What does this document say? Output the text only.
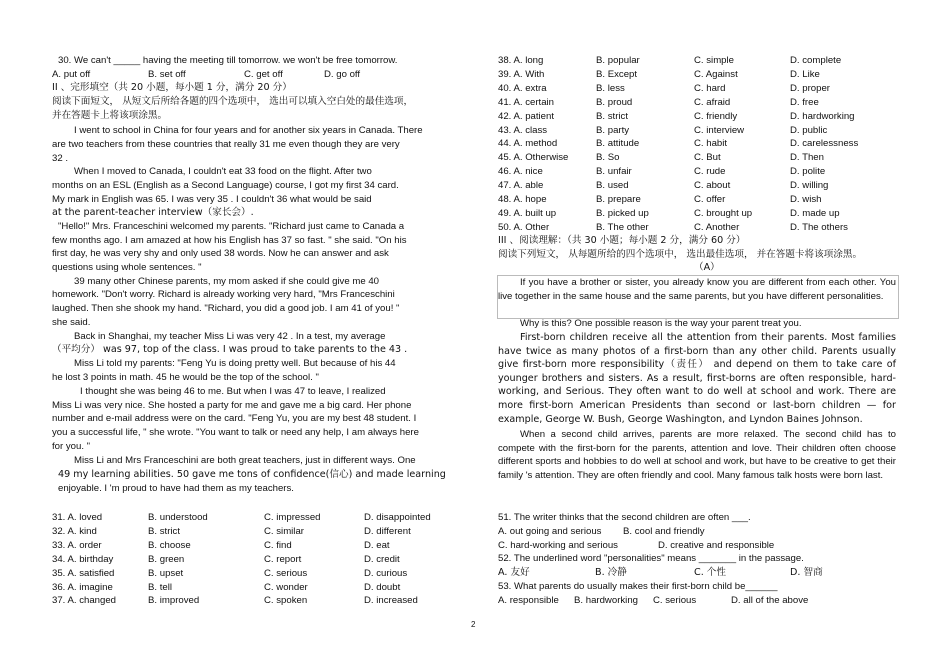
30. We can't _____ having the meeting till tomorrow. we won't be free tomorrow.
A. put off	B. set off	C. get off	D. go off
II 、完形填空（共 20 小题，每小题 1 分，满分 20 分）
阅读下面短文， 从短文后所给各题的四个选项中， 选出可以填入空白处的最佳选项，
并在答题卡上将该项涂黑。
I went to school in China for four years and for another six years in Canada. There
are two teachers from these countries that really 31 me even though they are very
32 .
When I moved to Canada, I couldn't eat 33 food on the flight. After two
months on an ESL (English as a Second Language) course, I got my first 34 card.
My mark in English was 65. I was very 35 . I couldn't 36 what would be said
at the parent-teacher interview（家长会）.
"Hello!" Mrs. Franceschini welcomed my parents. "Richard just came to Canada a
few months ago. I am amazed at how his English has 37 so fast. " she said. "On his
first day, he was very shy and only used 38 words. Now he can answer and ask
questions using whole sentences. "
39 many other Chinese parents, my mom asked if she could give me 40
homework. "Don't worry. Richard is already working very hard, "Mrs Franceschini
laughed. Then she shook my hand. "Richard, you did a good job. I am 41 of you! "
she said.
Back in Shanghai, my teacher Miss Li was very 42 . In a test, my average
（平均分） was 97, top of the class. I was proud to take parents to the 43 .
Miss Li told my parents: "Feng Yu is doing pretty well. But because of his 44
he lost 3 points in math. 45 he would be the top of the school. "
I thought she was being 46 to me. But when I was 47 to leave, I realized
Miss Li was very nice. She hosted a party for me and gave me a big card. Her phone
number and e-mail address were on the card. "Feng Yu, you are my best 48 student. I
you a successful life, " she wrote. "You want to talk or need any help, I am always here
for you. "
Miss Li and Mrs Franceschini are both great teachers, just in different ways. One
49 my learning abilities. 50 gave me tons of confidence(信心) and made learning
enjoyable. I 'm proud to have had them as my teachers.
31. A. loved	B. understood	C. impressed	D. disappointed
32. A. kind	B. strict	C. similar	D. different
33. A. order	B. choose	C. find	D. eat
34. A. birthday	B. green	C. report	D. credit
35. A. satisfied	B. upset	C. serious	D. curious
36. A. imagine	B. tell	C. wonder	D. doubt
37. A. changed	B. improved	C. spoken	D. increased
38. A. long	B. popular	C. simple	D. complete
39. A. With	B. Except	C. Against	D. Like
40. A. extra	B. less	C. hard	D. proper
41. A. certain	B. proud	C. afraid	D. free
42. A. patient	B. strict	C. friendly	D. hardworking
43. A. class	B. party	C. interview	D. public
44. A. method	B. attitude	C. habit	D. carelessness
45. A. Otherwise	B. So	C. But	D. Then
46. A. nice	B. unfair	C. rude	D. polite
47. A. able	B. used	C. about	D. willing
48. A. hope	B. prepare	C. offer	D. wish
49. A. built up	B. picked up	C. brought up	D. made up
50. A. Other	B. The other	C. Another	D. The others
III 、阅读理解：（共 30 小题；每小题 2 分，满分 60 分）
阅读下列短文， 从每题所给的四个选项中， 选出最佳选项， 并在答题卡将该项涂黑。
（A）
If you have a brother or sister, you already know you are different from each other. You live together in the same house and the same parents, but you have different personalities.
Why is this? One possible reason is the way your parent treat you.
First-born children receive all the attention from their parents. Most families have twice as many photos of a first-born than any other child. Parents usually give first-born more responsibility（责任） and depend on them to take care of younger brothers and sisters. As a result, first-borns are often responsible, hard-working, and Serious. They often want to do well at school and work. There are more first-born American Presidents than second or last-born children — for example, George W. Bush, George Washington, and Lyndon Baines Johnson.
When a second child arrives, parents are more relaxed. The second child has to compete with the first-born for the parents, attention and love. Their children often choose different sports and hobbies to do well at school and work, but have to be creative to get their family 's attention. They are often friendly and cool. Many famous talk hosts were born last.
51. The writer thinks that the second children are often ___.
A. out going and serious B. cool and friendly
C. hard-working and serious	D. creative and responsible
52. The underlined word "personalities" means _______ in the passage.
A. 友好	B. 冷静	C. 个性	D. 智商
53. What parents do usually makes their first-born child be______
A. responsible B. hardworking C. serious	D. all of the above
2
